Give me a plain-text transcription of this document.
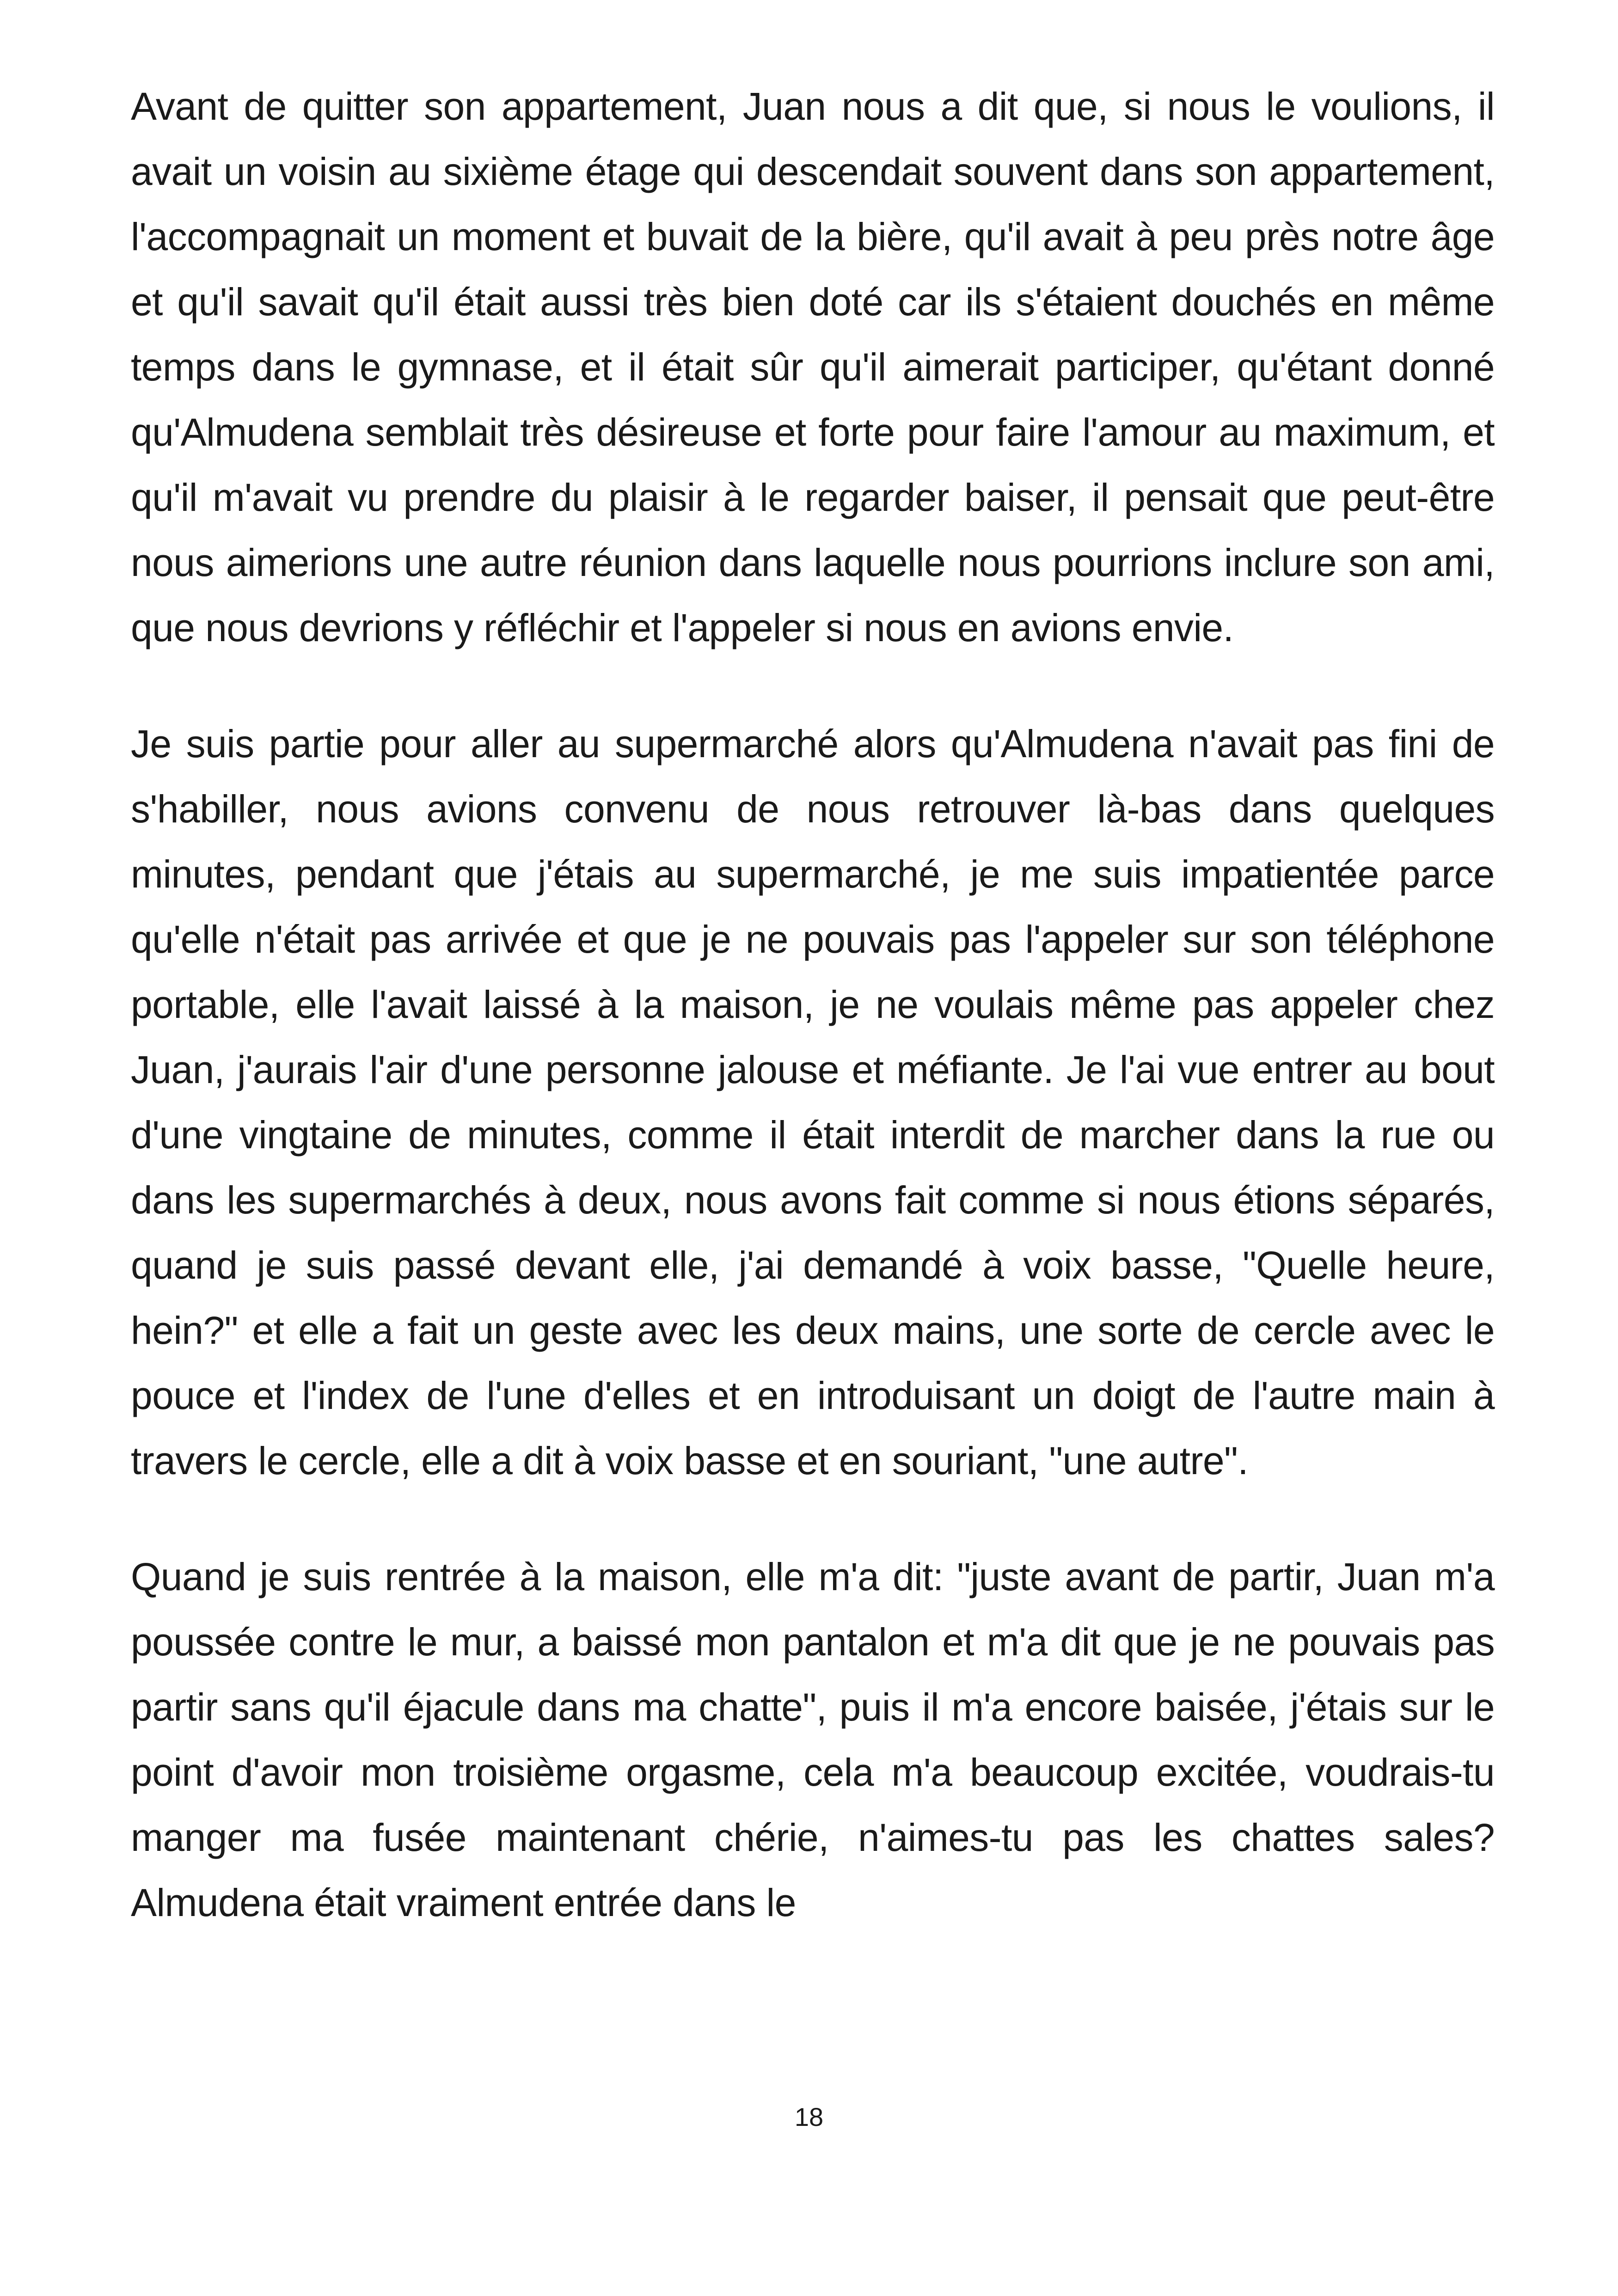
Avant de quitter son appartement, Juan nous a dit que, si nous le voulions, il avait un voisin au sixième étage qui descendait souvent dans son appartement, l'accompagnait un moment et buvait de la bière, qu'il avait à peu près notre âge et qu'il savait qu'il était aussi très bien doté car ils s'étaient douchés en même temps dans le gymnase, et il était sûr qu'il aimerait participer, qu'étant donné qu'Almudena semblait très désireuse et forte pour faire l'amour au maximum, et qu'il m'avait vu prendre du plaisir à le regarder baiser, il pensait que peut-être nous aimerions une autre réunion dans laquelle nous pourrions inclure son ami, que nous devrions y réfléchir et l'appeler si nous en avions envie.

Je suis partie pour aller au supermarché alors qu'Almudena n'avait pas fini de s'habiller, nous avions convenu de nous retrouver là-bas dans quelques minutes, pendant que j'étais au supermarché, je me suis impatientée parce qu'elle n'était pas arrivée et que je ne pouvais pas l'appeler sur son téléphone portable, elle l'avait laissé à la maison, je ne voulais même pas appeler chez Juan, j'aurais l'air d'une personne jalouse et méfiante. Je l'ai vue entrer au bout d'une vingtaine de minutes, comme il était interdit de marcher dans la rue ou dans les supermarchés à deux, nous avons fait comme si nous étions séparés, quand je suis passé devant elle, j'ai demandé à voix basse, "Quelle heure, hein?" et elle a fait un geste avec les deux mains, une sorte de cercle avec le pouce et l'index de l'une d'elles et en introduisant un doigt de l'autre main à travers le cercle, elle a dit à voix basse et en souriant, "une autre".

Quand je suis rentrée à la maison, elle m'a dit: "juste avant de partir, Juan m'a poussée contre le mur, a baissé mon pantalon et m'a dit que je ne pouvais pas partir sans qu'il éjacule dans ma chatte", puis il m'a encore baisée, j'étais sur le point d'avoir mon troisième orgasme, cela m'a beaucoup excitée, voudrais-tu manger ma fusée maintenant chérie, n'aimes-tu pas les chattes sales? Almudena était vraiment entrée dans le

18
